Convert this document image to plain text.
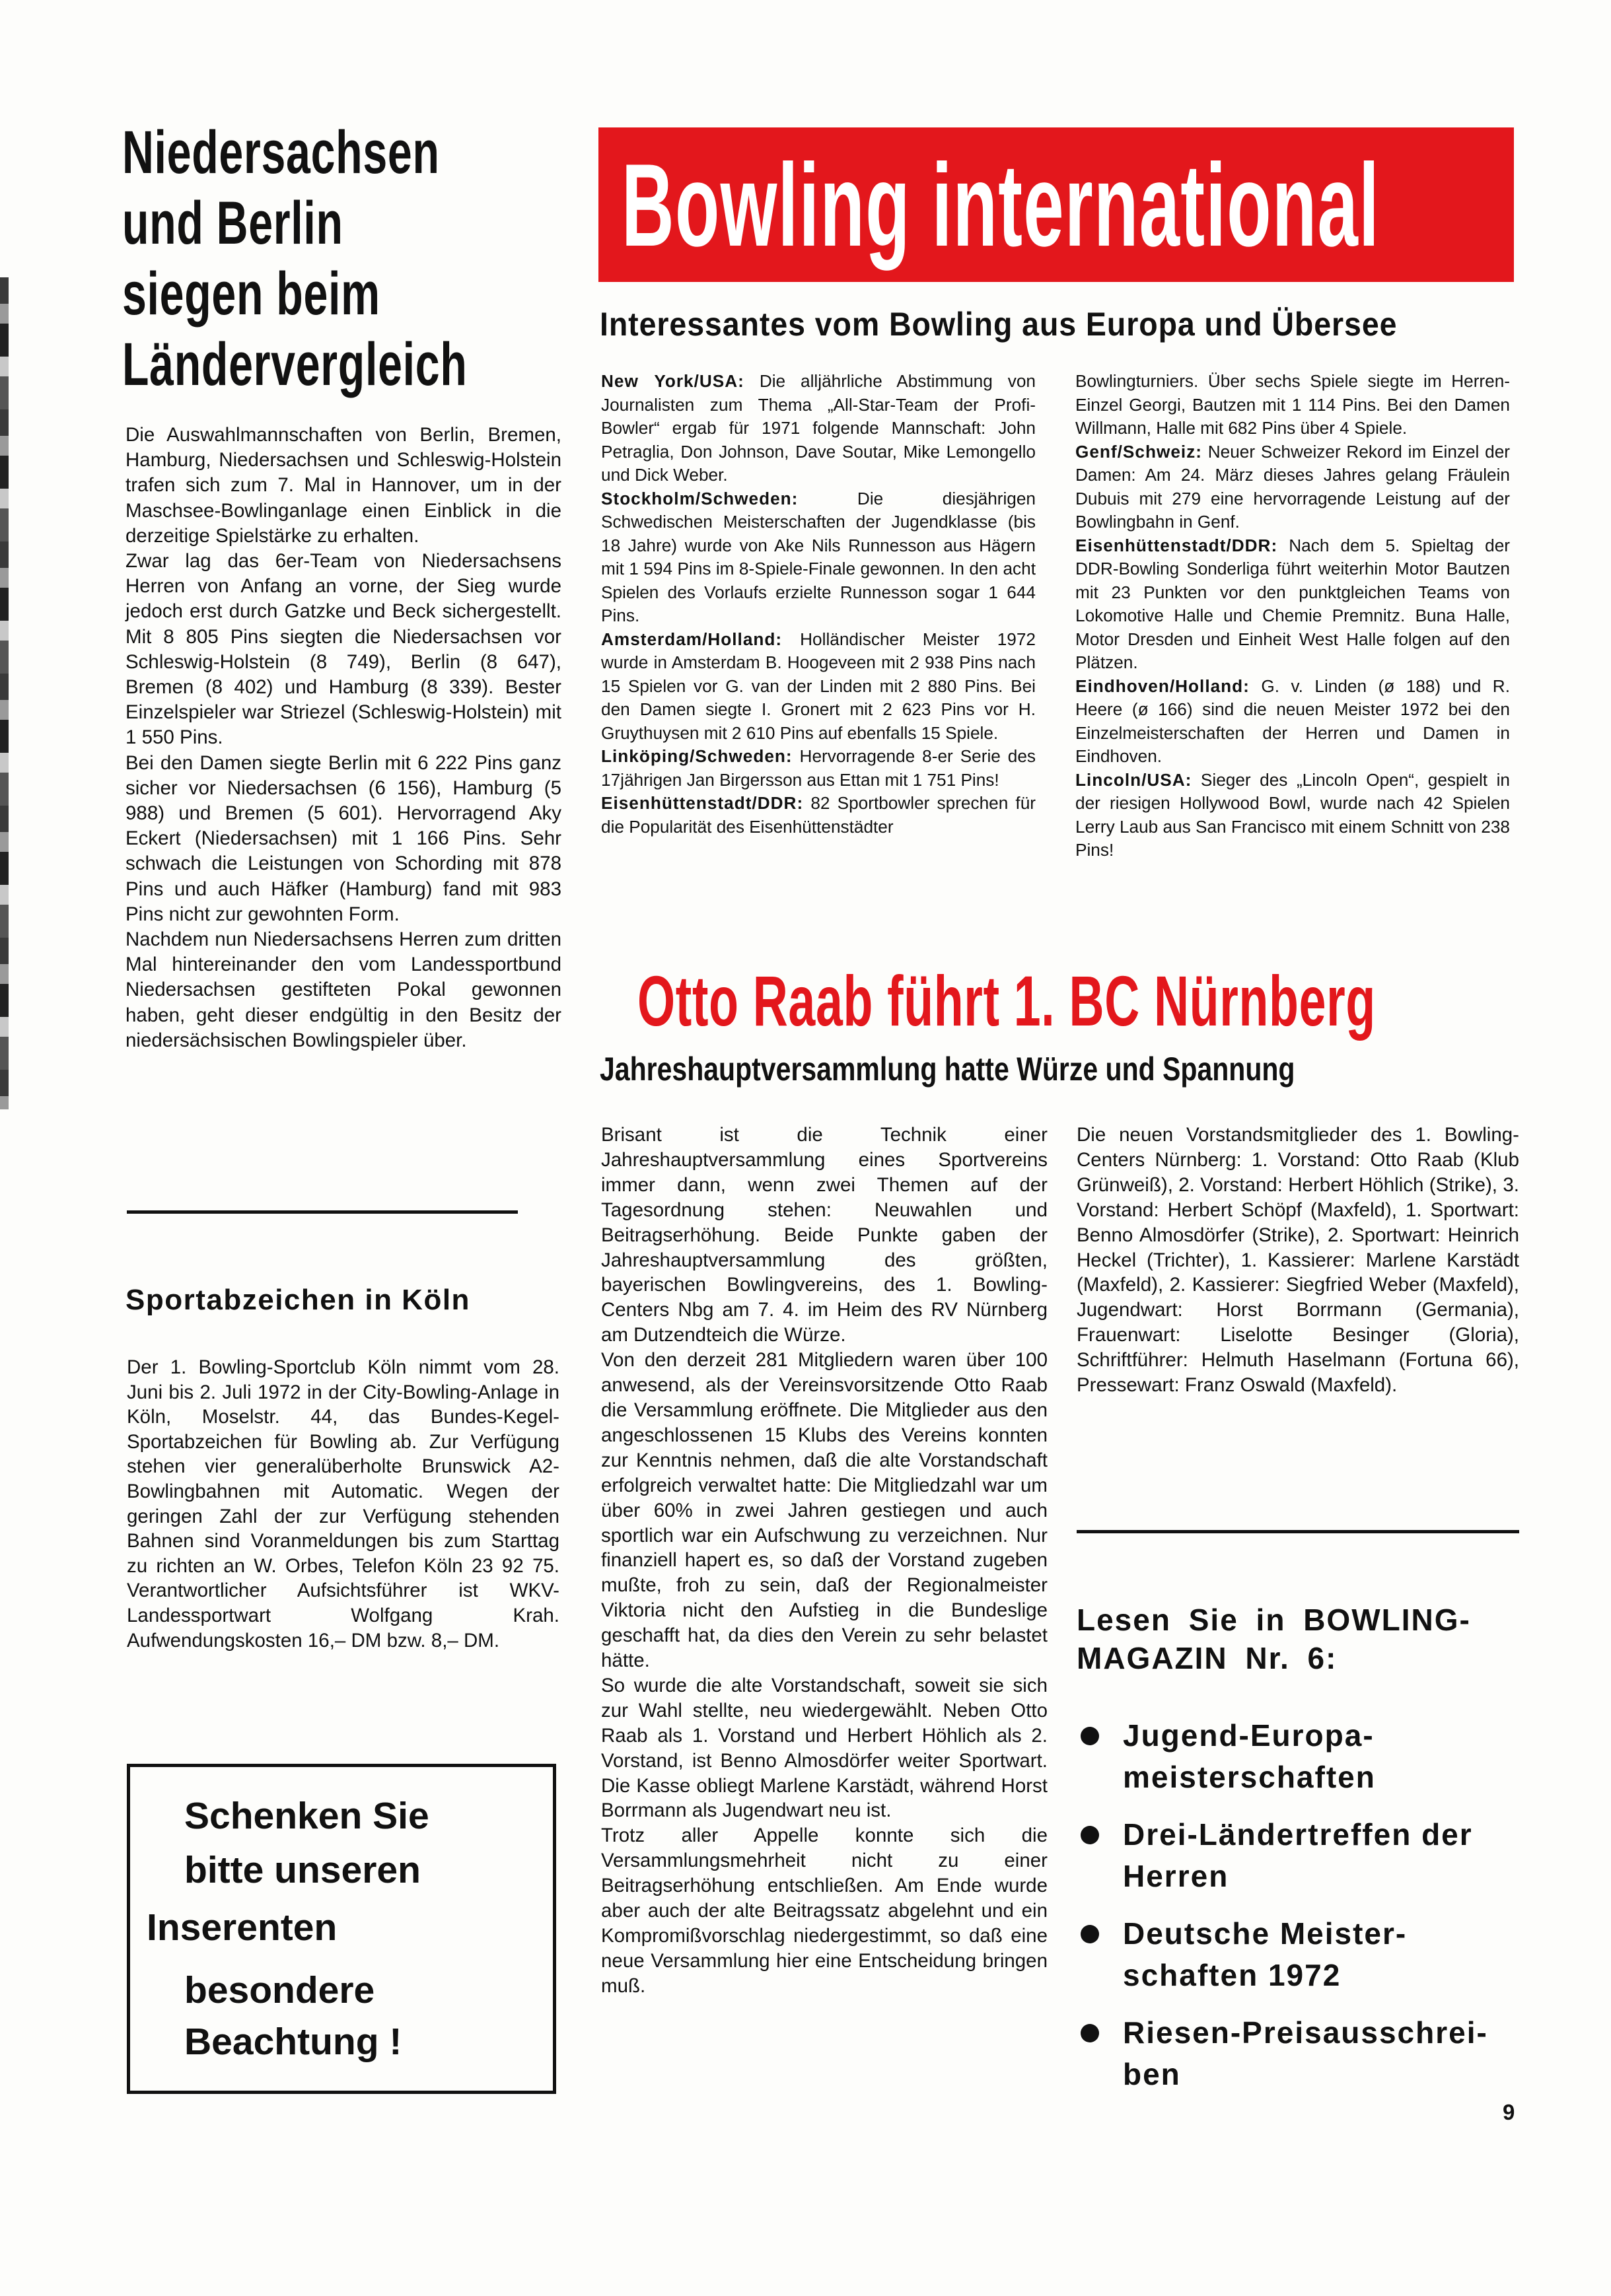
Niedersachsen
und Berlin
siegen beim
Ländervergleich

Die Auswahlmannschaften von Berlin, Bremen, Hamburg, Niedersachsen und Schleswig-Holstein trafen sich zum 7. Mal in Hannover, um in der Maschsee-Bowlinganlage einen Einblick in die derzeitige Spielstärke zu erhalten.

Zwar lag das 6er-Team von Niedersachsens Herren von Anfang an vorne, der Sieg wurde jedoch erst durch Gatzke und Beck sichergestellt. Mit 8 805 Pins siegten die Niedersachsen vor Schleswig-Holstein (8 749), Berlin (8 647), Bremen (8 402) und Hamburg (8 339). Bester Einzelspieler war Striezel (Schleswig-Holstein) mit 1 550 Pins.

Bei den Damen siegte Berlin mit 6 222 Pins ganz sicher vor Niedersachsen (6 156), Hamburg (5 988) und Bremen (5 601). Hervorragend Aky Eckert (Niedersachsen) mit 1 166 Pins. Sehr schwach die Leistungen von Schording mit 878 Pins und auch Häfker (Hamburg) fand mit 983 Pins nicht zur gewohnten Form.

Nachdem nun Niedersachsens Herren zum dritten Mal hintereinander den vom Landessportbund Niedersachsen gestifteten Pokal gewonnen haben, geht dieser endgültig in den Besitz der niedersächsischen Bowlingspieler über.

Sportabzeichen in Köln

Der 1. Bowling-Sportclub Köln nimmt vom 28. Juni bis 2. Juli 1972 in der City-Bowling-Anlage in Köln, Moselstr. 44, das Bundes-Kegel-Sportabzeichen für Bowling ab. Zur Verfügung stehen vier generalüberholte Brunswick A2-Bowlingbahnen mit Automatic. Wegen der geringen Zahl der zur Verfügung stehenden Bahnen sind Voranmeldungen bis zum Starttag zu richten an W. Orbes, Telefon Köln 23 92 75. Verantwortlicher Aufsichtsführer ist WKV-Landessportwart Wolfgang Krah. Aufwendungskosten 16,– DM bzw. 8,– DM.

Schenken Sie
bitte unseren
Inserenten
besondere
Beachtung !
Bowling international
Interessantes vom Bowling aus Europa und Übersee

New York/USA: Die alljährliche Abstimmung von Journalisten zum Thema „All-Star-Team der Profi-Bowler“ ergab für 1971 folgende Mannschaft: John Petraglia, Don Johnson, Dave Soutar, Mike Lemongello und Dick Weber.

Stockholm/Schweden: Die diesjährigen Schwedischen Meisterschaften der Jugendklasse (bis 18 Jahre) wurde von Ake Nils Runnesson aus Hägern mit 1 594 Pins im 8-Spiele-Finale gewonnen. In den acht Spielen des Vorlaufs erzielte Runnesson sogar 1 644 Pins.

Amsterdam/Holland: Holländischer Meister 1972 wurde in Amsterdam B. Hoogeveen mit 2 938 Pins nach 15 Spielen vor G. van der Linden mit 2 880 Pins. Bei den Damen siegte I. Gronert mit 2 623 Pins vor H. Gruythuysen mit 2 610 Pins auf ebenfalls 15 Spiele.

Linköping/Schweden: Hervorragende 8-er Serie des 17jährigen Jan Birgersson aus Ettan mit 1 751 Pins!

Eisenhüttenstadt/DDR: 82 Sportbowler sprechen für die Popularität des Eisenhüttenstädter

Bowlingturniers. Über sechs Spiele siegte im Herren-Einzel Georgi, Bautzen mit 1 114 Pins. Bei den Damen Willmann, Halle mit 682 Pins über 4 Spiele.

Genf/Schweiz: Neuer Schweizer Rekord im Einzel der Damen: Am 24. März dieses Jahres gelang Fräulein Dubuis mit 279 eine hervorragende Leistung auf der Bowlingbahn in Genf.

Eisenhüttenstadt/DDR: Nach dem 5. Spieltag der DDR-Bowling Sonderliga führt weiterhin Motor Bautzen mit 23 Punkten vor den punktgleichen Teams von Lokomotive Halle und Chemie Premnitz. Buna Halle, Motor Dresden und Einheit West Halle folgen auf den Plätzen.

Eindhoven/Holland: G. v. Linden (ø 188) und R. Heere (ø 166) sind die neuen Meister 1972 bei den Einzelmeisterschaften der Herren und Damen in Eindhoven.

Lincoln/USA: Sieger des „Lincoln Open“, gespielt in der riesigen Hollywood Bowl, wurde nach 42 Spielen Lerry Laub aus San Francisco mit einem Schnitt von 238 Pins!

Otto Raab führt 1. BC Nürnberg
Jahreshauptversammlung hatte Würze und Spannung

Brisant ist die Technik einer Jahreshauptversammlung eines Sportvereins immer dann, wenn zwei Themen auf der Tagesordnung stehen: Neuwahlen und Beitragserhöhung. Beide Punkte gaben der Jahreshauptversammlung des größten, bayerischen Bowlingvereins, des 1. Bowling-Centers Nbg am 7. 4. im Heim des RV Nürnberg am Dutzendteich die Würze.

Von den derzeit 281 Mitgliedern waren über 100 anwesend, als der Vereinsvorsitzende Otto Raab die Versammlung eröffnete. Die Mitglieder aus den angeschlossenen 15 Klubs des Vereins konnten zur Kenntnis nehmen, daß die alte Vorstandschaft erfolgreich verwaltet hatte: Die Mitgliedzahl war um über 60% in zwei Jahren gestiegen und auch sportlich war ein Aufschwung zu verzeichnen. Nur finanziell hapert es, so daß der Vorstand zugeben mußte, froh zu sein, daß der Regionalmeister Viktoria nicht den Aufstieg in die Bundeslige geschafft hat, da dies den Verein zu sehr belastet hätte.

So wurde die alte Vorstandschaft, soweit sie sich zur Wahl stellte, neu wiedergewählt. Neben Otto Raab als 1. Vorstand und Herbert Höhlich als 2. Vorstand, ist Benno Almosdörfer weiter Sportwart. Die Kasse obliegt Marlene Karstädt, während Horst Borrmann als Jugendwart neu ist.

Trotz aller Appelle konnte sich die Versammlungsmehrheit nicht zu einer Beitragserhöhung entschließen. Am Ende wurde aber auch der alte Beitragssatz abgelehnt und ein Kompromißvorschlag niedergestimmt, so daß eine neue Versammlung hier eine Entscheidung bringen muß.

Die neuen Vorstandsmitglieder des 1. Bowling-Centers Nürnberg: 1. Vorstand: Otto Raab (Klub Grünweiß), 2. Vorstand: Herbert Höhlich (Strike), 3. Vorstand: Herbert Schöpf (Maxfeld), 1. Sportwart: Benno Almosdörfer (Strike), 2. Sportwart: Heinrich Heckel (Trichter), 1. Kassierer: Marlene Karstädt (Maxfeld), 2. Kassierer: Siegfried Weber (Maxfeld), Jugendwart: Horst Borrmann (Germania), Frauenwart: Liselotte Besinger (Gloria), Schriftführer: Helmuth Haselmann (Fortuna 66), Pressewart: Franz Oswald (Maxfeld).

Lesen Sie in BOWLING-MAGAZIN Nr. 6:
Jugend-Europa-meisterschaften
Drei-Ländertreffen der Herren
Deutsche Meister-schaften 1972
Riesen-Preisausschrei-ben
9
